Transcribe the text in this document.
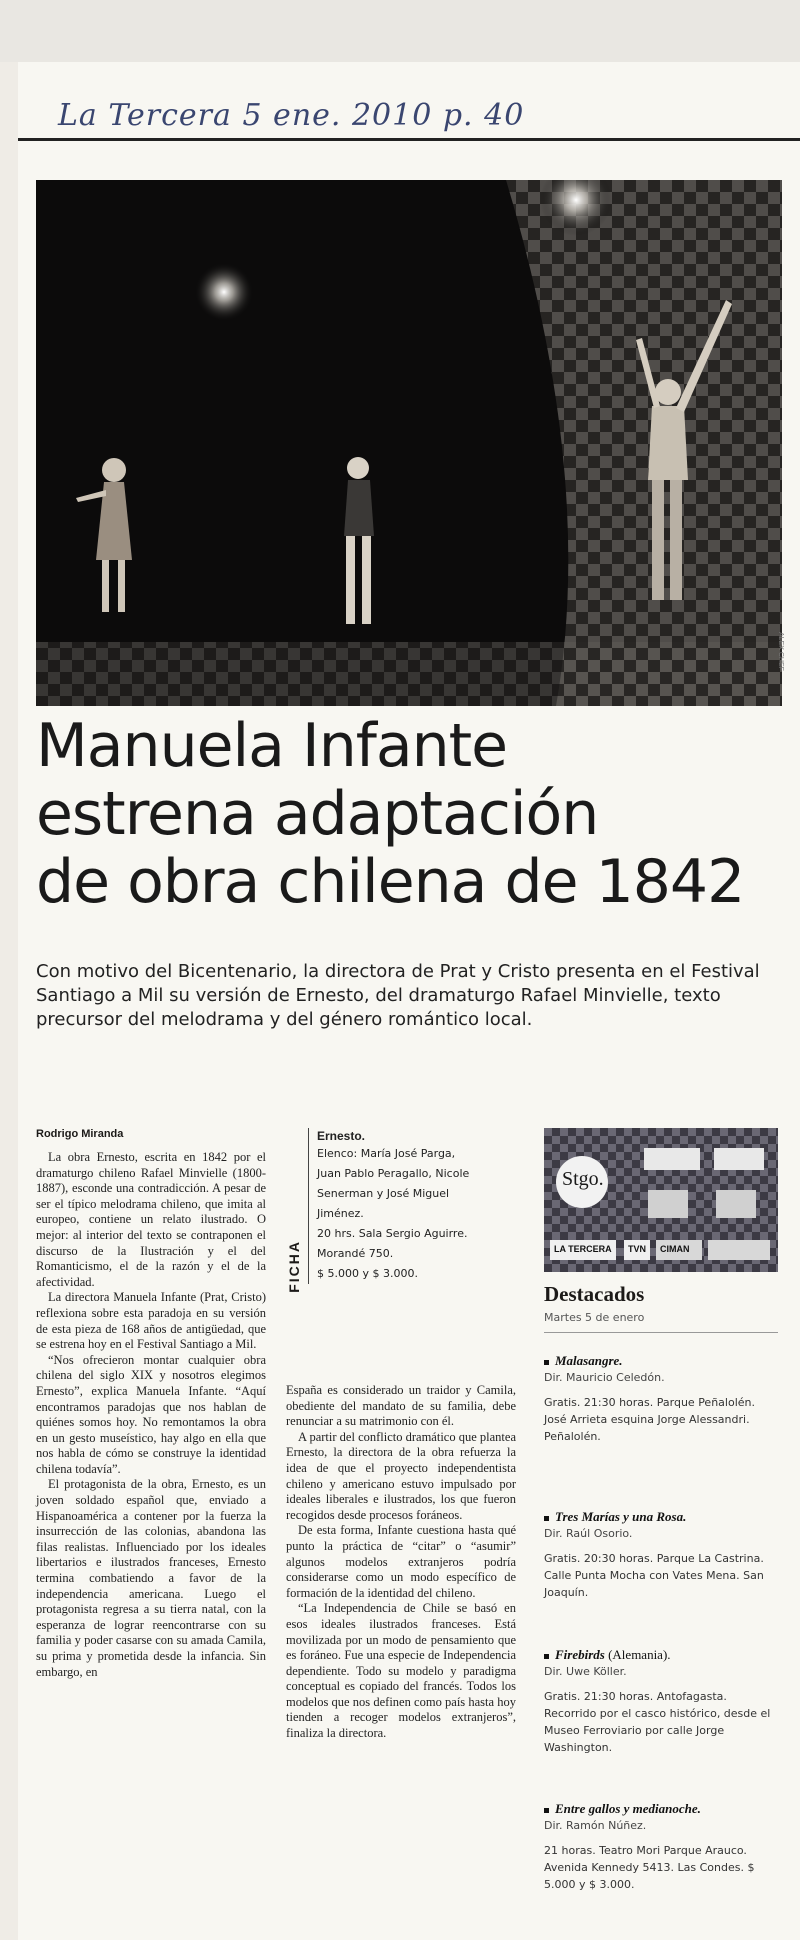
La Tercera 5 ene. 2010 p. 40
ALEX CHEF
Manuela Infante
estrena adaptación
de obra chilena de 1842
Con motivo del Bicentenario, la directora de Prat y Cristo presenta en el Festival Santiago a Mil su versión de Ernesto, del dramaturgo Rafael Minvielle, texto precursor del melodrama y del género romántico local.
Rodrigo Miranda

La obra Ernesto, escrita en 1842 por el dramaturgo chileno Rafael Minvielle (1800-1887), esconde una contradicción. A pesar de ser el típico melodrama chileno, que imita al europeo, contiene un relato ilustrado. O mejor: al interior del texto se contraponen el discurso de la Ilustración y el del Romanticismo, el de la razón y el de la afectividad.

La directora Manuela Infante (Prat, Cristo) reflexiona sobre esta paradoja en su versión de esta pieza de 168 años de antigüedad, que se estrena hoy en el Festival Santiago a Mil.

“Nos ofrecieron montar cualquier obra chilena del siglo XIX y nosotros elegimos Ernesto”, explica Manuela Infante. “Aquí encontramos paradojas que nos hablan de quiénes somos hoy. No remontamos la obra en un gesto museístico, hay algo en ella que nos habla de cómo se construye la identidad chilena todavía”.

El protagonista de la obra, Ernesto, es un joven soldado español que, enviado a Hispanoamérica a contener por la fuerza la insurrección de las colonias, abandona las filas realistas. Influenciado por los ideales libertarios e ilustrados franceses, Ernesto termina combatiendo a favor de la independencia americana. Luego el protagonista regresa a su tierra natal, con la esperanza de lograr reencontrarse con su familia y poder casarse con su amada Camila, su prima y prometida desde la infancia. Sin embargo, en

FICHA
Ernesto.
Elenco: María José Parga,
Juan Pablo Peragallo, Nicole
Senerman y José Miguel
Jiménez.
20 hrs. Sala Sergio Aguirre.
Morandé 750.
$ 5.000 y $ 3.000.

España es considerado un traidor y Camila, obediente del mandato de su familia, debe renunciar a su matrimonio con él.

A partir del conflicto dramático que plantea Ernesto, la directora de la obra refuerza la idea de que el proyecto independentista chileno y americano estuvo impulsado por ideales liberales e ilustrados, los que fueron recogidos desde procesos foráneos.

De esta forma, Infante cuestiona hasta qué punto la práctica de “citar” o “asumir” algunos modelos extranjeros podría considerarse como un modo específico de formación de la identidad del chileno.

“La Independencia de Chile se basó en esos ideales ilustrados franceses. Está movilizada por un modo de pensamiento que es foráneo. Fue una especie de Independencia dependiente. Todo su modelo y paradigma conceptual es copiado del francés. Todos los modelos que nos definen como país hasta hoy tienden a recoger modelos extranjeros”, finaliza la directora.

Stgo.
LA TERCERA TVN CIMAN
Destacados
Martes 5 de enero
Malasangre.
Dir. Mauricio Celedón.
Gratis. 21:30 horas. Parque Peñalolén. José Arrieta esquina Jorge Alessandri. Peñalolén.
Tres Marías y una Rosa.
Dir. Raúl Osorio.
Gratis. 20:30 horas. Parque La Castrina. Calle Punta Mocha con Vates Mena. San Joaquín.
Firebirds (Alemania).
Dir. Uwe Köller.
Gratis. 21:30 horas. Antofagasta. Recorrido por el casco histórico, desde el Museo Ferroviario por calle Jorge Washington.
Entre gallos y medianoche.
Dir. Ramón Núñez.
21 horas. Teatro Mori Parque Arauco. Avenida Kennedy 5413. Las Condes. $ 5.000 y $ 3.000.
